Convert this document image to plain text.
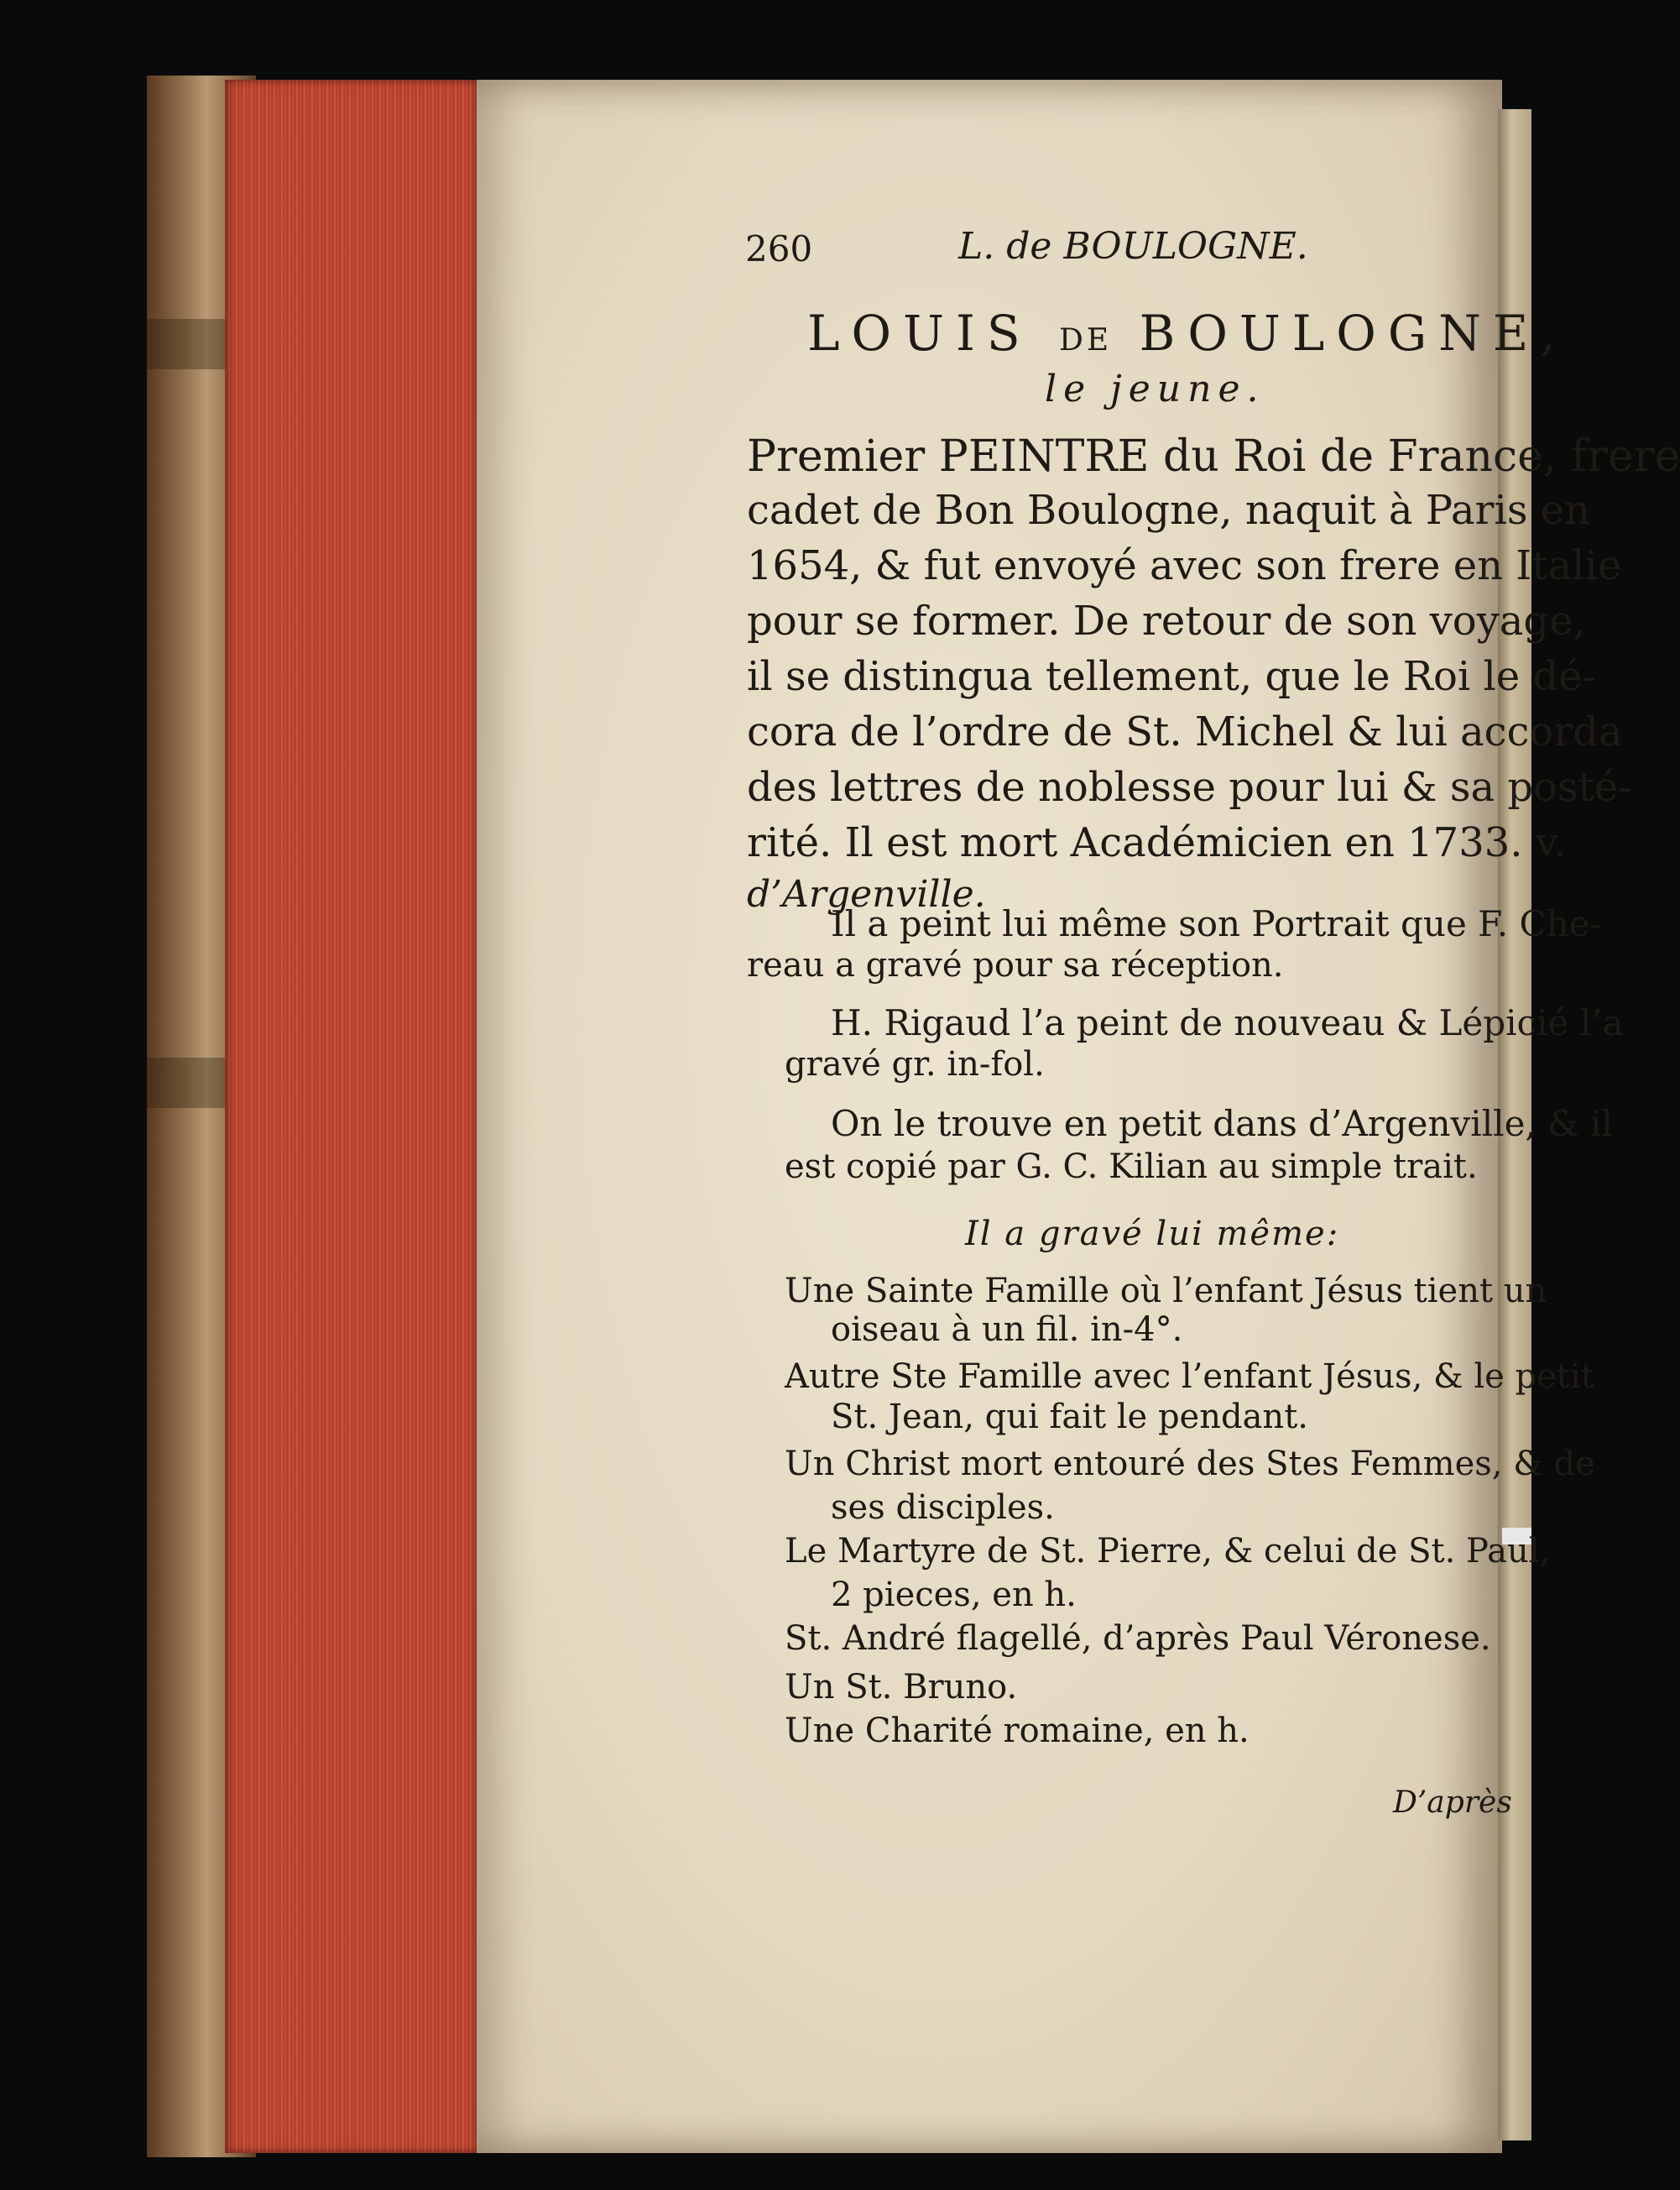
260	L. de BOULOGNE.
LOUIS DE BOULOGNE,
le jeune.
Premier PEINTRE du Roi de France, frere
cadet de Bon Boulogne, naquit à Paris en
1654, & fut envoyé avec son frere en Italie
pour se former. De retour de son voyage,
il se distingua tellement, que le Roi le dé-
cora de l’ordre de St. Michel & lui accorda
des lettres de noblesse pour lui & sa posté-
rité. Il est mort Académicien en 1733. v.
d’Argenville.
Il a peint lui même son Portrait que F. Che-
reau a gravé pour sa réception.
H. Rigaud l’a peint de nouveau & Lépicié l’a
gravé gr. in-fol.
On le trouve en petit dans d’Argenville, & il
est copié par G. C. Kilian au simple trait.
Il a gravé lui même:
Une Sainte Famille où l’enfant Jésus tient un
oiseau à un fil. in-4°.
Autre Ste Famille avec l’enfant Jésus, & le petit
St. Jean, qui fait le pendant.
Un Christ mort entouré des Stes Femmes, & de
ses disciples.
Le Martyre de St. Pierre, & celui de St. Paul,
2 pieces, en h.
St. André flagellé, d’après Paul Véronese.
Un St. Bruno.
Une Charité romaine, en h.
D’après
